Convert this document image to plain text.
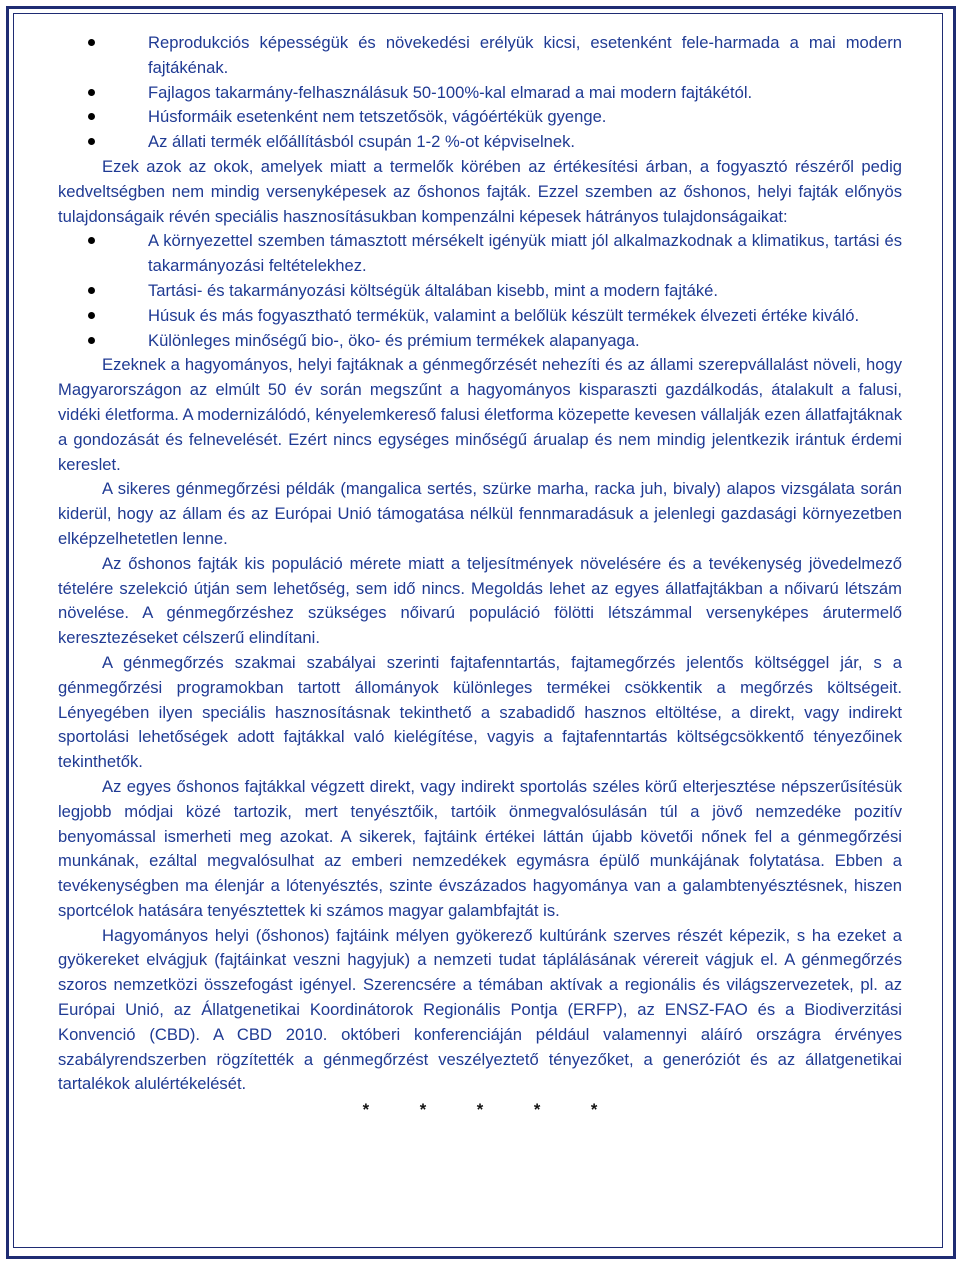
Reprodukciós képességük és növekedési erélyük kicsi, esetenként fele-harmada a mai modern fajtákénak.
Fajlagos takarmány-felhasználásuk 50-100%-kal elmarad a mai modern fajtákétól.
Húsformáik esetenként nem tetszetősök, vágóértékük gyenge.
Az állati termék előállításból csupán 1-2 %-ot képviselnek.

Ezek azok az okok, amelyek miatt a termelők körében az értékesítési árban, a fogyasztó részéről pedig kedveltségben nem mindig versenyképesek az őshonos fajták. Ezzel szemben az őshonos, helyi fajták előnyös tulajdonságaik révén speciális hasznosításukban kompenzálni képesek hátrányos tulajdonságaikat:

A környezettel szemben támasztott mérsékelt igényük miatt jól alkalmazkodnak a klimatikus, tartási és takarmányozási feltételekhez.
Tartási- és takarmányozási költségük általában kisebb, mint a modern fajtáké.
Húsuk és más fogyasztható termékük, valamint a belőlük készült termékek élvezeti értéke kiváló.
Különleges minőségű bio-, öko- és prémium termékek alapanyaga.

Ezeknek a hagyományos, helyi fajtáknak a génmegőrzését nehezíti és az állami szerepvállalást növeli, hogy Magyarországon az elmúlt 50 év során megszűnt a hagyományos kisparaszti gazdálkodás, átalakult a falusi, vidéki életforma. A modernizálódó, kényelemkereső falusi életforma közepette kevesen vállalják ezen állatfajtáknak a gondozását és felnevelését. Ezért nincs egységes minőségű árualap és nem mindig jelentkezik irántuk érdemi kereslet.

A sikeres génmegőrzési példák (mangalica sertés, szürke marha, racka juh, bivaly) alapos vizsgálata során kiderül, hogy az állam és az Európai Unió támogatása nélkül fennmaradásuk a jelenlegi gazdasági környezetben elképzelhetetlen lenne.

Az őshonos fajták kis populáció mérete miatt a teljesítmények növelésére és a tevékenység jövedelmező tételére szelekció útján sem lehetőség, sem idő nincs. Megoldás lehet az egyes állatfajtákban a nőivarú létszám növelése. A génmegőrzéshez szükséges nőivarú populáció fölötti létszámmal versenyképes árutermelő keresztezéseket célszerű elindítani.

A génmegőrzés szakmai szabályai szerinti fajtafenntartás, fajtamegőrzés jelentős költséggel jár, s a génmegőrzési programokban tartott állományok különleges termékei csökkentik a megőrzés költségeit. Lényegében ilyen speciális hasznosításnak tekinthető a szabadidő hasznos eltöltése, a direkt, vagy indirekt sportolási lehetőségek adott fajtákkal való kielégítése, vagyis a fajtafenntartás költségcsökkentő tényezőinek tekinthetők.

Az egyes őshonos fajtákkal végzett direkt, vagy indirekt sportolás széles körű elterjesztése népszerűsítésük legjobb módjai közé tartozik, mert tenyésztőik, tartóik önmegvalósulásán túl a jövő nemzedéke pozitív benyomással ismerheti meg azokat. A sikerek, fajtáink értékei láttán újabb követői nőnek fel a génmegőrzési munkának, ezáltal megvalósulhat az emberi nemzedékek egymásra épülő munkájának folytatása. Ebben a tevékenységben ma élenjár a lótenyésztés, szinte évszázados hagyománya van a galambtenyésztésnek, hiszen sportcélok hatására tenyésztettek ki számos magyar galambfajtát is.

Hagyományos helyi (őshonos) fajtáink mélyen gyökerező kultúránk szerves részét képezik, s ha ezeket a gyökereket elvágjuk (fajtáinkat veszni hagyjuk) a nemzeti tudat táplálásának vérereit vágjuk el. A génmegőrzés szoros nemzetközi összefogást igényel. Szerencsére a témában aktívak a regionális és világszervezetek, pl. az Európai Unió, az Állatgenetikai Koordinátorok Regionális Pontja (ERFP), az ENSZ-FAO és a Biodiverzitási Konvenció (CBD). A CBD 2010. októberi konferenciáján például valamennyi aláíró országra érvényes szabályrendszerben rögzítették a génmegőrzést veszélyeztető tényezőket, a generóziót és az állatgenetikai tartalékok alulértékelését.

* * * * *
